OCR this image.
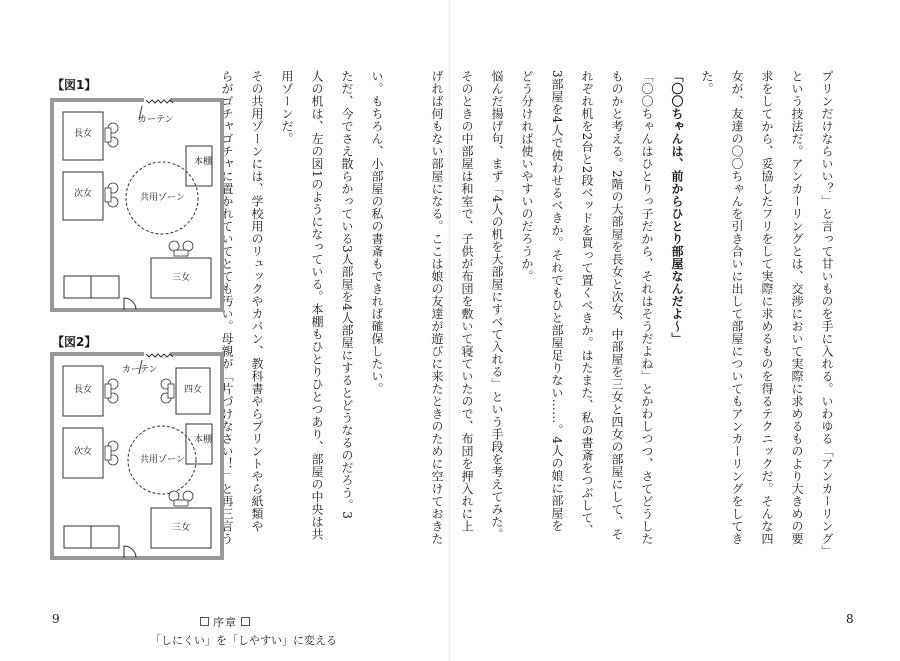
プリンだけならいい？」と言って甘いものを手に入れる。いわゆる「アンカーリング」
という技法だ。アンカーリングとは、交渉において実際に求めるものより大きめの要
求をしてから、妥協したフリをして実際に求めるものを得るテクニックだ。そんな四
女が、友達の〇〇ちゃんを引き合いに出して部屋についてもアンカーリングをしてき
た。
「〇〇ちゃんは、前からひとり部屋なんだよ～」
「〇〇ちゃんはひとりっ子だから、それはそうだよね」とかわしつつ、さてどうした
ものかと考える。2階の大部屋を長女と次女、中部屋を三女と四女の部屋にして、そ
れぞれ机を2台と2段ベッドを買って置くべきか。はたまた、私の書斎をつぶして、
3部屋を4人で使わせるべきか。それでもひと部屋足りない……。4人の娘に部屋を
どう分ければ使いやすいのだろうか。
悩んだ揚げ句、まず「4人の机を大部屋にすべて入れる」という手段を考えてみた。
そのときの中部屋は和室で、子供が布団を敷いて寝ていたので、布団を押入れに上
げれば何もない部屋になる。ここは娘の友達が遊びに来たときのために空けておきた
8
い。もちろん、小部屋の私の書斎もできれば確保したい。
ただ、今でさえ散らかっている3人部屋を4人部屋にするとどうなるのだろう。3
人の机は、左の図1のようになっている。本棚もひとりひとつあり、部屋の中央は共
用ゾーンだ。
その共用ゾーンには、学校用のリュックやカバン、教科書やらプリントやら紙類や
らがゴチャゴチャに置かれていてとても汚い。母親が「片づけなさい！」と再三言う
9	序章
「しにくい」を「しやすい」に変える
【図1】
カーテン
長女
次女
本棚
共用ゾーン
三女
【図2】
カーテン
長女
次女
四女
本棚
共用ゾーン
三女
